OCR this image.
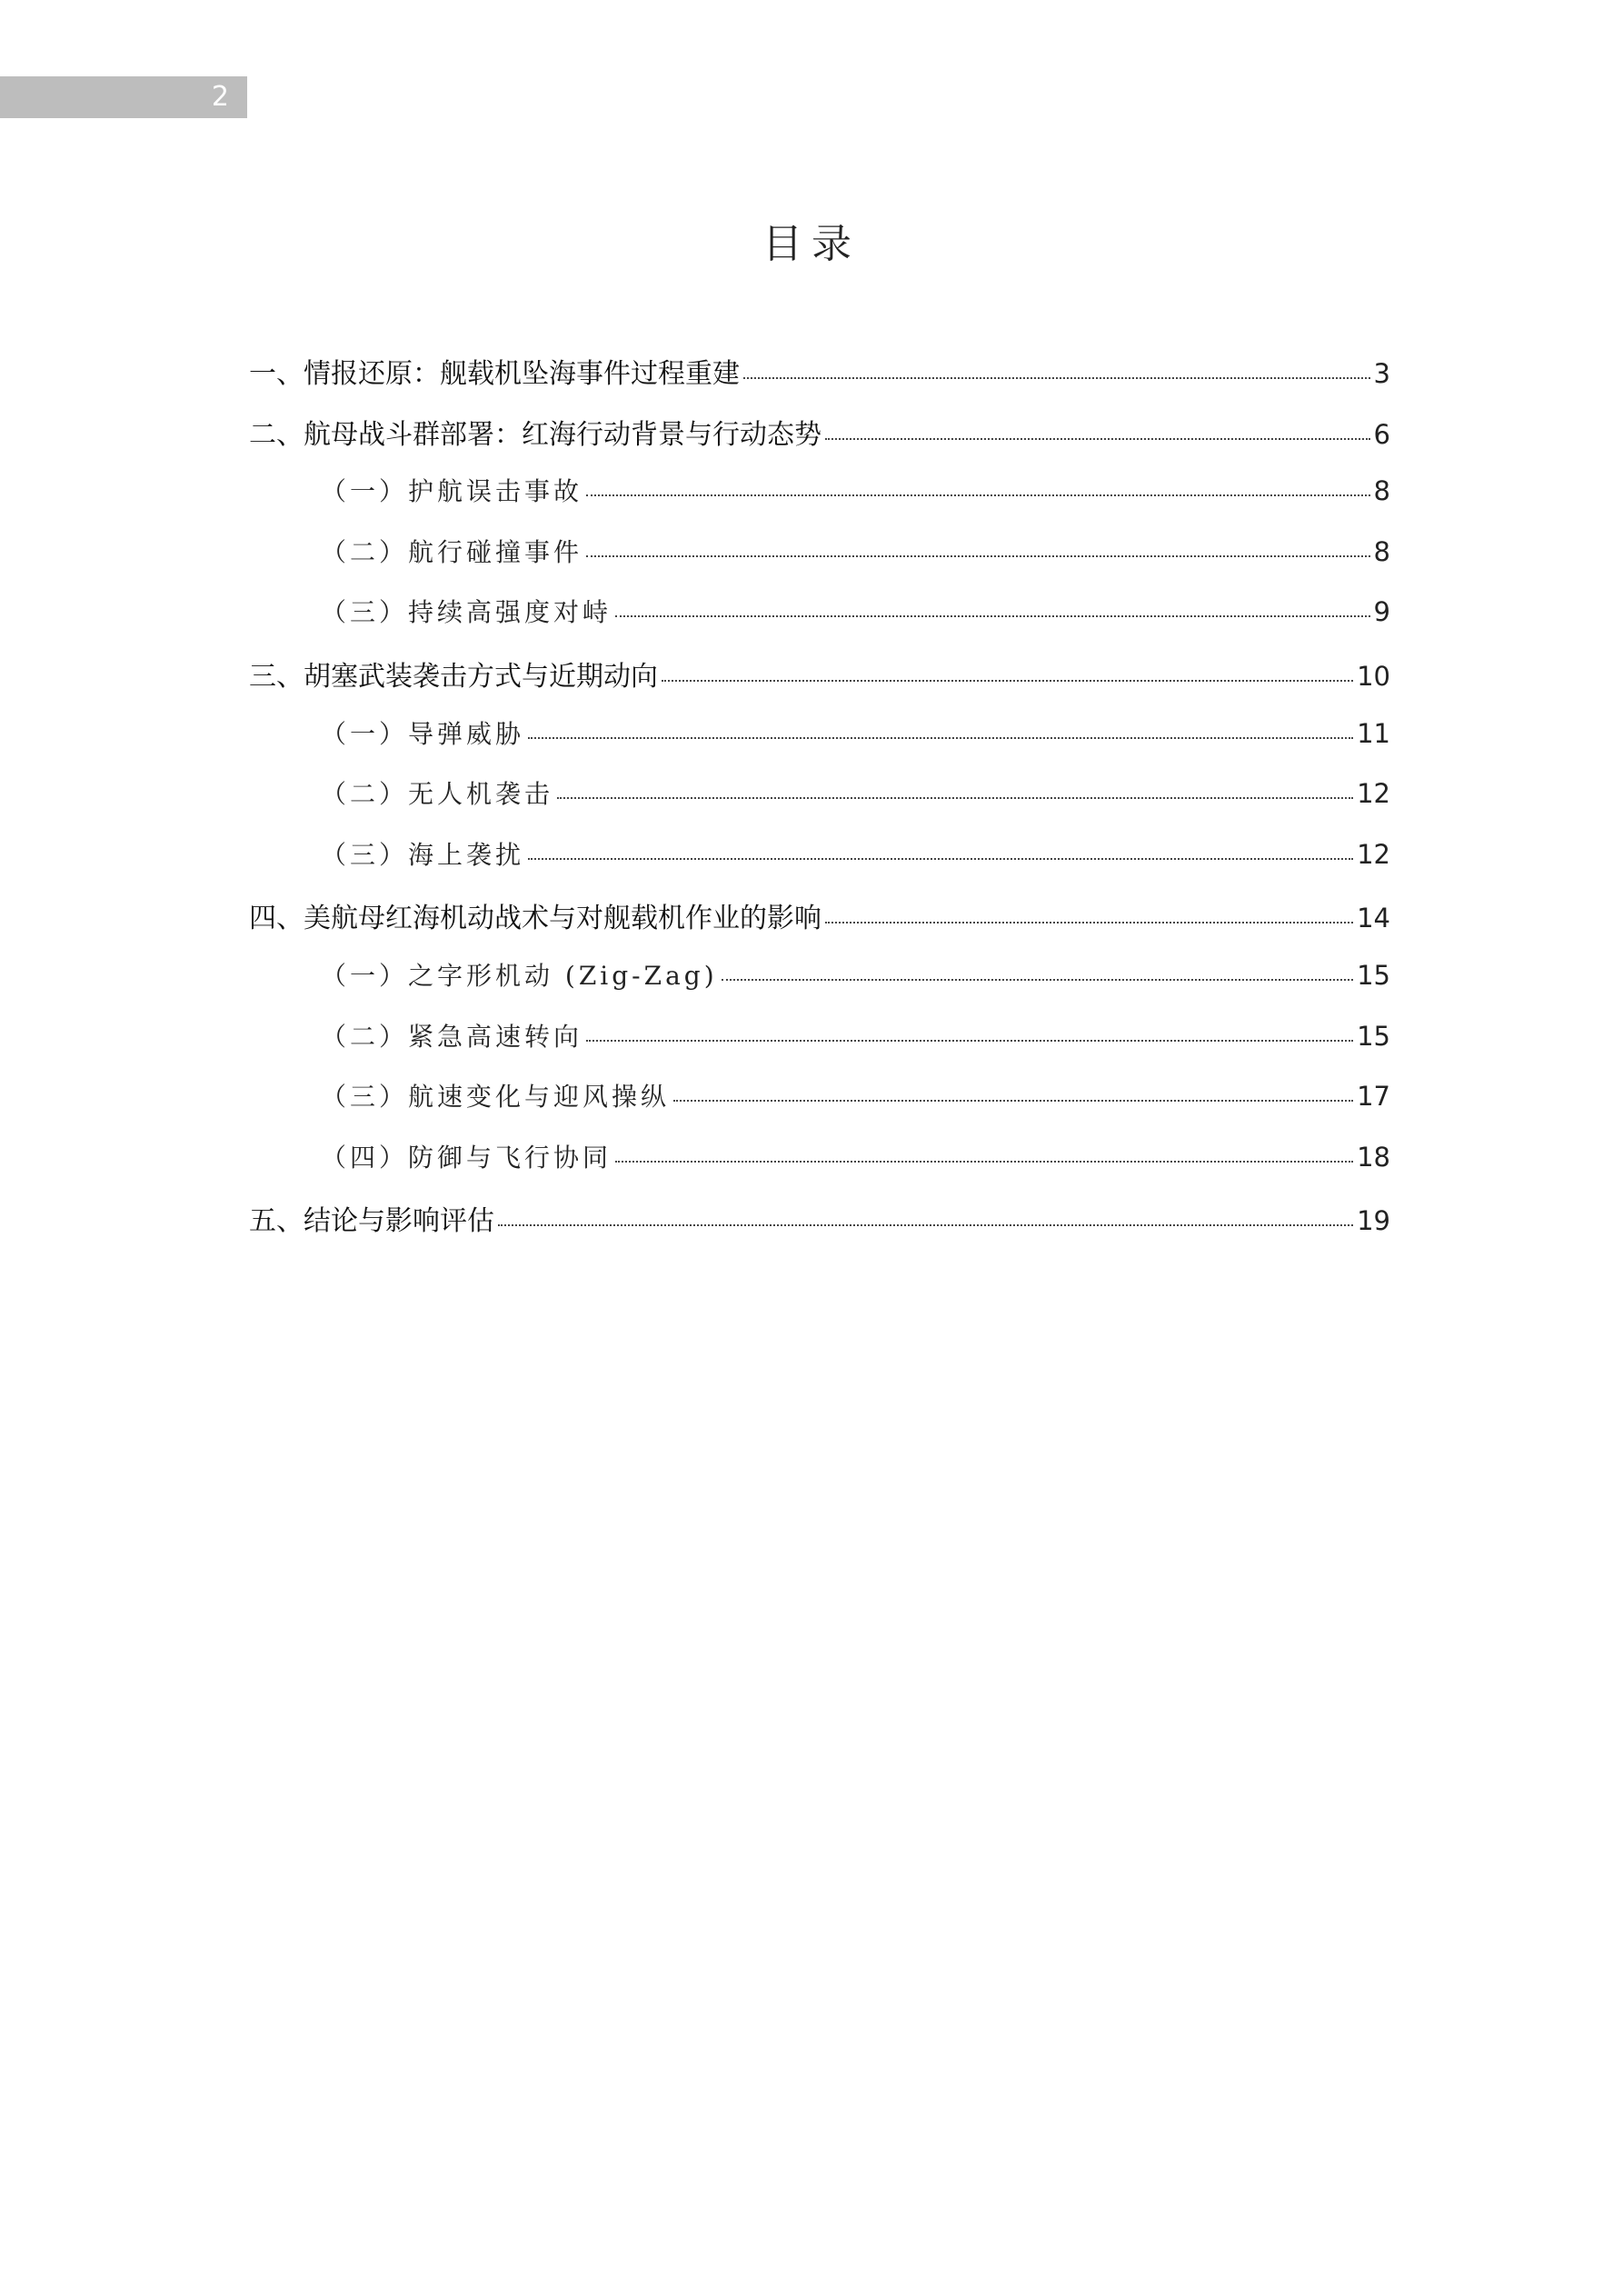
2
目录
一、情报还原：舰载机坠海事件过程重建	3
二、航母战斗群部署：红海行动背景与行动态势	6
（一）护航误击事故	8
（二）航行碰撞事件	8
（三）持续高强度对峙	9
三、胡塞武装袭击方式与近期动向	10
（一）导弹威胁	11
（二）无人机袭击	12
（三）海上袭扰	12
四、美航母红海机动战术与对舰载机作业的影响	14
（一）之字形机动 (Zig-Zag)	15
（二）紧急高速转向	15
（三）航速变化与迎风操纵	17
（四）防御与飞行协同	18
五、结论与影响评估	19
